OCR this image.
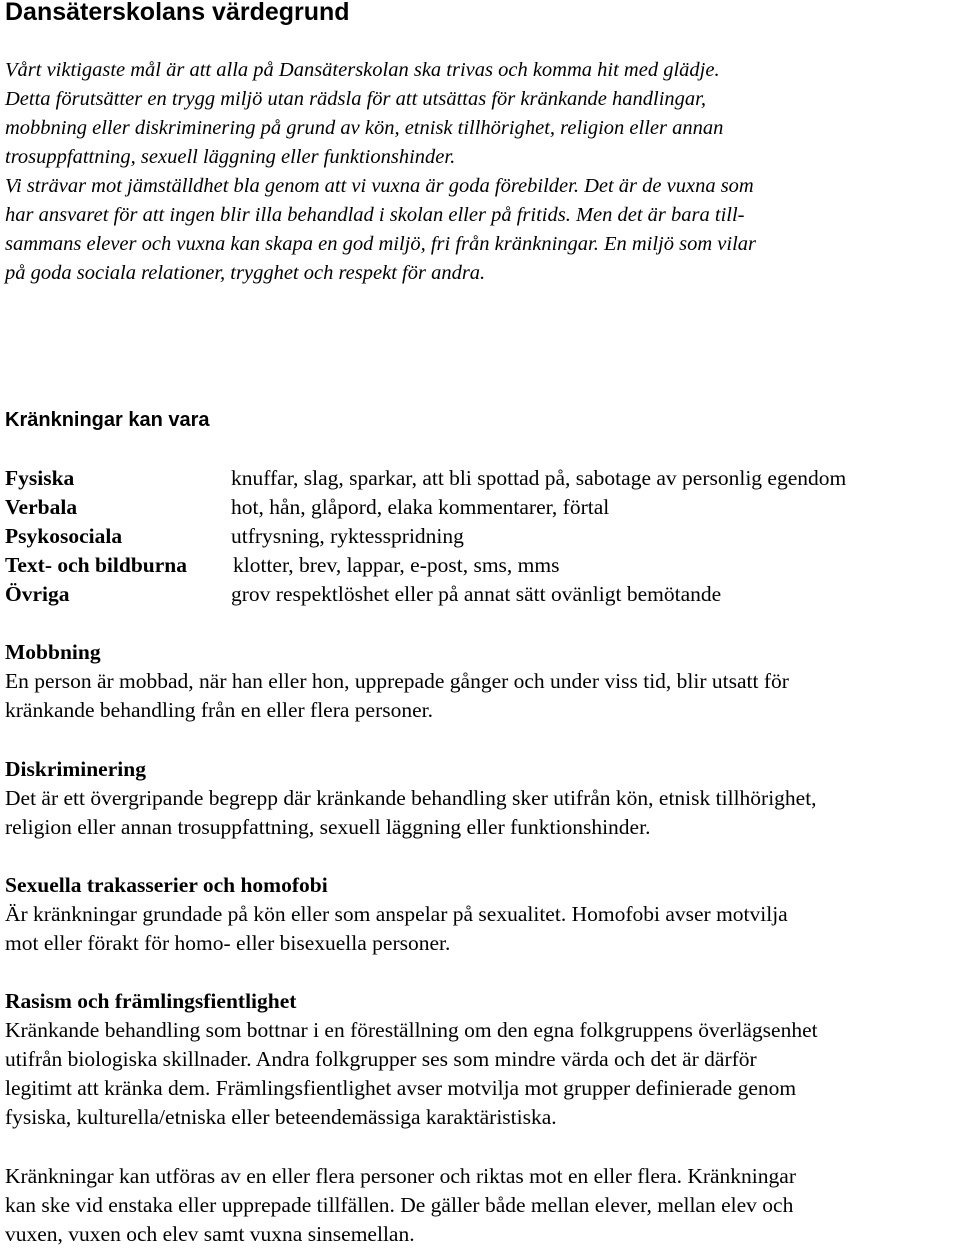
Dansäterskolans värdegrund

Vårt viktigaste mål är att alla på Dansäterskolan ska trivas och komma hit med glädje.

Detta förutsätter en trygg miljö utan rädsla för att utsättas för kränkande handlingar,

mobbning eller diskriminering på grund av kön, etnisk tillhörighet, religion eller annan

trosuppfattning, sexuell läggning eller funktionshinder.

Vi strävar mot jämställdhet bla genom att vi vuxna är goda förebilder. Det är de vuxna som

har ansvaret för att ingen blir illa behandlad i skolan eller på fritids. Men det är bara till-

sammans elever och vuxna kan skapa en god miljö, fri från kränkningar. En miljö som vilar

på goda sociala relationer, trygghet och respekt för andra.

Kränkningar kan vara
Fysiska	knuffar, slag, sparkar, att bli spottad på, sabotage av personlig egendom
Verbala	hot, hån, glåpord, elaka kommentarer, förtal
Psykosociala	utfrysning, ryktesspridning
Text- och bildburna	klotter, brev, lappar, e-post, sms, mms
Övriga	grov respektlöshet eller på annat sätt ovänligt bemötande
Mobbning

En person är mobbad, när han eller hon, upprepade gånger och under viss tid, blir utsatt för

kränkande behandling från en eller flera personer.

Diskriminering

Det är ett övergripande begrepp där kränkande behandling sker utifrån kön, etnisk tillhörighet,

religion eller annan trosuppfattning, sexuell läggning eller funktionshinder.

Sexuella trakasserier och homofobi

Är kränkningar grundade på kön eller som anspelar på sexualitet. Homofobi avser motvilja

mot eller förakt för homo- eller bisexuella personer.

Rasism och främlingsfientlighet

Kränkande behandling som bottnar i en föreställning om den egna folkgruppens överlägsenhet

utifrån biologiska skillnader. Andra folkgrupper ses som mindre värda och det är därför

legitimt att kränka dem. Främlingsfientlighet avser motvilja mot grupper definierade genom

fysiska, kulturella/etniska eller beteendemässiga karaktäristiska.

Kränkningar kan utföras av en eller flera personer och riktas mot en eller flera. Kränkningar

kan ske vid enstaka eller upprepade tillfällen. De gäller både mellan elever, mellan elev och

vuxen, vuxen och elev samt vuxna sinsemellan.
